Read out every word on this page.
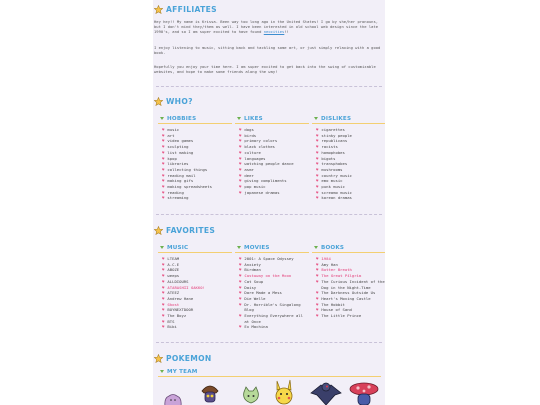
AFFILIATES
Hey hey!! My name is Krissa. Been way too long ago in the United States! I go by she/her pronouns, but I don't mind they/them as well. I have been interested in old school web design since the late 1990's, and so I am super excited to have found neocities!!
I enjoy listening to music, sitting back and tackling some art, or just simply relaxing with a good book.
Hopefully you enjoy your time here. I am super excited to get back into the swing of customizable websites, and hope to make some friends along the way!
WHO?
HOBBIES
♥ music
♥ art
♥ video games
♥ sculpting
♥ list making
♥ kpop
♥ libraries
♥ collecting things
♥ reading mail
♥ making gifs
♥ making spreadsheets
♥ reading
♥ streaming
LIKES
♥ dogs
♥ birds
♥ primary colors
♥ black clothes
♥ culture
♥ languages
♥ watching people dance
♥ asmr
♥ deer
♥ giving compliments
♥ pop music
♥ japanese dramas
DISLIKES
♥ cigarettes
♥ stinky people
♥ republicans
♥ racists
♥ homophobes
♥ bigots
♥ transphobes
♥ mushrooms
♥ country music
♥ emo music
♥ punk music
♥ screamo music
♥ korean dramas
FAVORITES
MUSIC
♥ LTEAM
♥ A.C.E
♥ ABOZE
♥ weeps
♥ ALLDIOURS
♥ ATARASHII GAKKO!
♥ ATEEZ
♥ Andrew Hane
♥ Ghost
♥ BOYNEXTDOOR
♥ The Boyz
♥ BTS
♥ Bibi
MOVIES
♥ 2001: A Space Odyssey
♥ Anxiety
♥ Birdman
♥ Castaway on the Moon
♥ Cat Soup
♥ Daisy
♥ Dare Made a Mess
♥ Die Welle
♥ Dr. Horrible's Singalong Blog
♥ Everything Everywhere all at Once
♥ Ex Machina
BOOKS
♥ 1984
♥ Amy Han
♥ Butter Breath
♥ The Great Pilgrim
♥ The Curious Incident of the Dog in the Night-Time
♥ The Darkness Outside Us
♥ Heart's Moving Castle
♥ The Hobbit
♥ House of Sand
♥ The Little Prince
POKEMON
MY TEAM
